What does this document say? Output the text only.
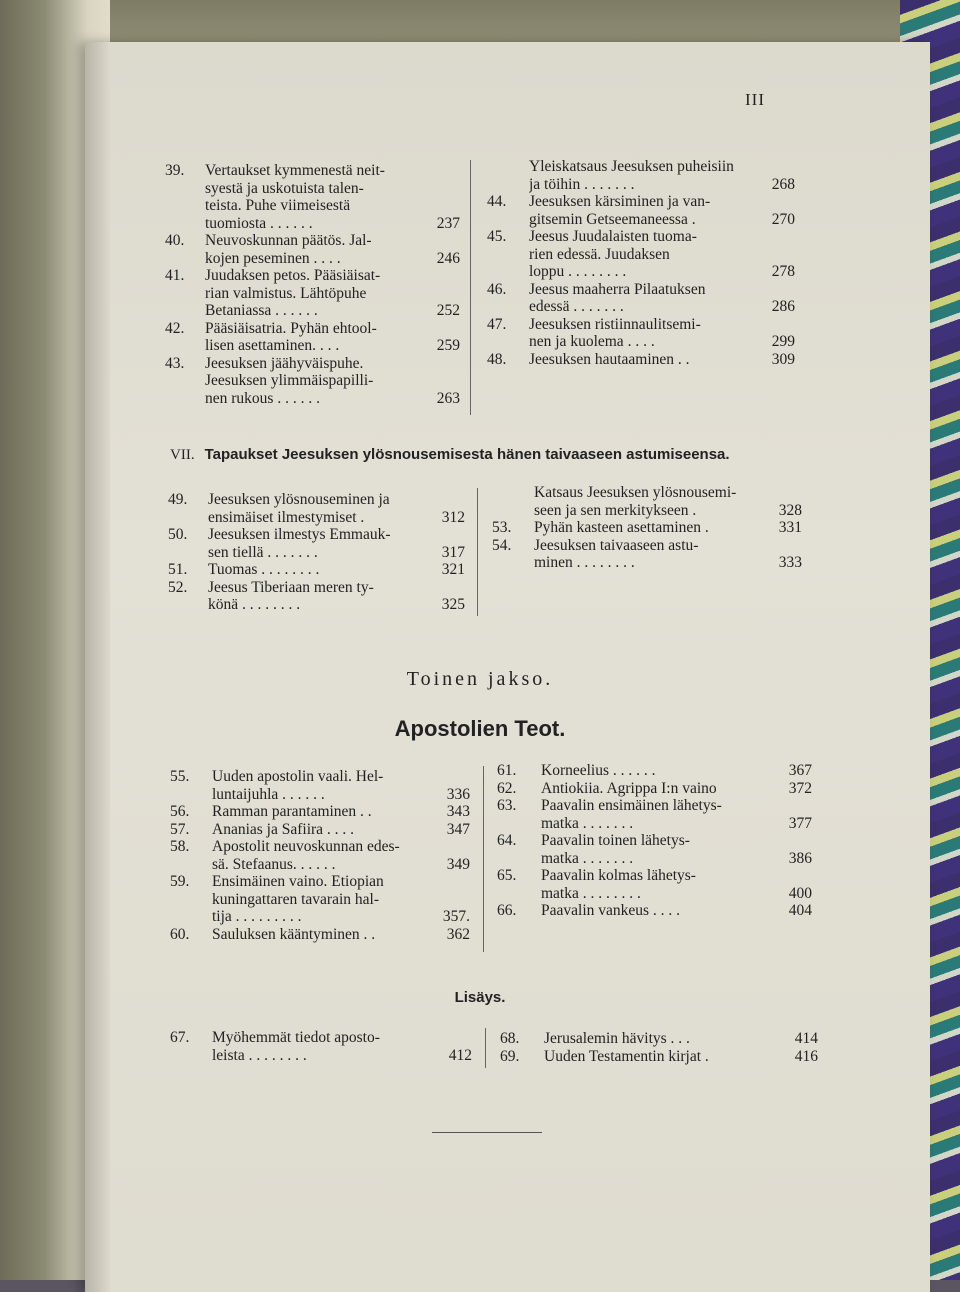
III
39.	Vertaukset kymmenestä neit-
syestä ja uskotuista talen-
teista. Puhe viimeisestä
tuomiosta . . . . . .	237
40.	Neuvoskunnan päätös. Jal-
kojen peseminen . . . .	246
41.	Juudaksen petos. Pääsiäisat-
rian valmistus. Lähtöpuhe
Betaniassa . . . . . .	252
42.	Pääsiäisatria. Pyhän ehtool-
lisen asettaminen. . . .	259
43.	Jeesuksen jäähyväispuhe.
Jeesuksen ylimmäispapilli-
nen rukous . . . . . .	263
Yleiskatsaus Jeesuksen puheisiin
ja töihin . . . . . . .	268
44.	Jeesuksen kärsiminen ja van-
gitsemin Getseemaneessa .	270
45.	Jeesus Juudalaisten tuoma-
rien edessä. Juudaksen
loppu . . . . . . . .	278
46.	Jeesus maaherra Pilaatuksen
edessä . . . . . . .	286
47.	Jeesuksen ristiinnaulitsemi-
nen ja kuolema . . . .	299
48.	Jeesuksen hautaaminen . .	309
VII. Tapaukset Jeesuksen ylösnousemisesta hänen taivaaseen astumiseensa.
49.	Jeesuksen ylösnouseminen ja
ensimäiset ilmestymiset .	312
50.	Jeesuksen ilmestys Emmauk-
sen tiellä . . . . . . .	317
51.	Tuomas . . . . . . . .	321
52.	Jeesus Tiberiaan meren ty-
könä . . . . . . . .	325
Katsaus Jeesuksen ylösnousemi-
seen ja sen merkitykseen .	328
53.	Pyhän kasteen asettaminen .	331
54.	Jeesuksen taivaaseen astu-
minen . . . . . . . .	333
Toinen jakso.
Apostolien Teot.
55.	Uuden apostolin vaali. Hel-
luntaijuhla . . . . . .	336
56.	Ramman parantaminen . .	343
57.	Ananias ja Safiira . . . .	347
58.	Apostolit neuvoskunnan edes-
sä. Stefaanus. . . . . .	349
59.	Ensimäinen vaino. Etiopian
kuningattaren tavarain hal-
tija . . . . . . . . .	357.
60.	Sauluksen kääntyminen . .	362
61.	Korneelius . . . . . .	367
62.	Antiokiia. Agrippa I:n vaino	372
63.	Paavalin ensimäinen lähetys-
matka . . . . . . .	377
64.	Paavalin toinen lähetys-
matka . . . . . . .	386
65.	Paavalin kolmas lähetys-
matka . . . . . . . .	400
66.	Paavalin vankeus . . . .	404
Lisäys.
67.	Myöhemmät tiedot aposto-
leista . . . . . . . .	412
68.	Jerusalemin hävitys . . .	414
69.	Uuden Testamentin kirjat .	416
